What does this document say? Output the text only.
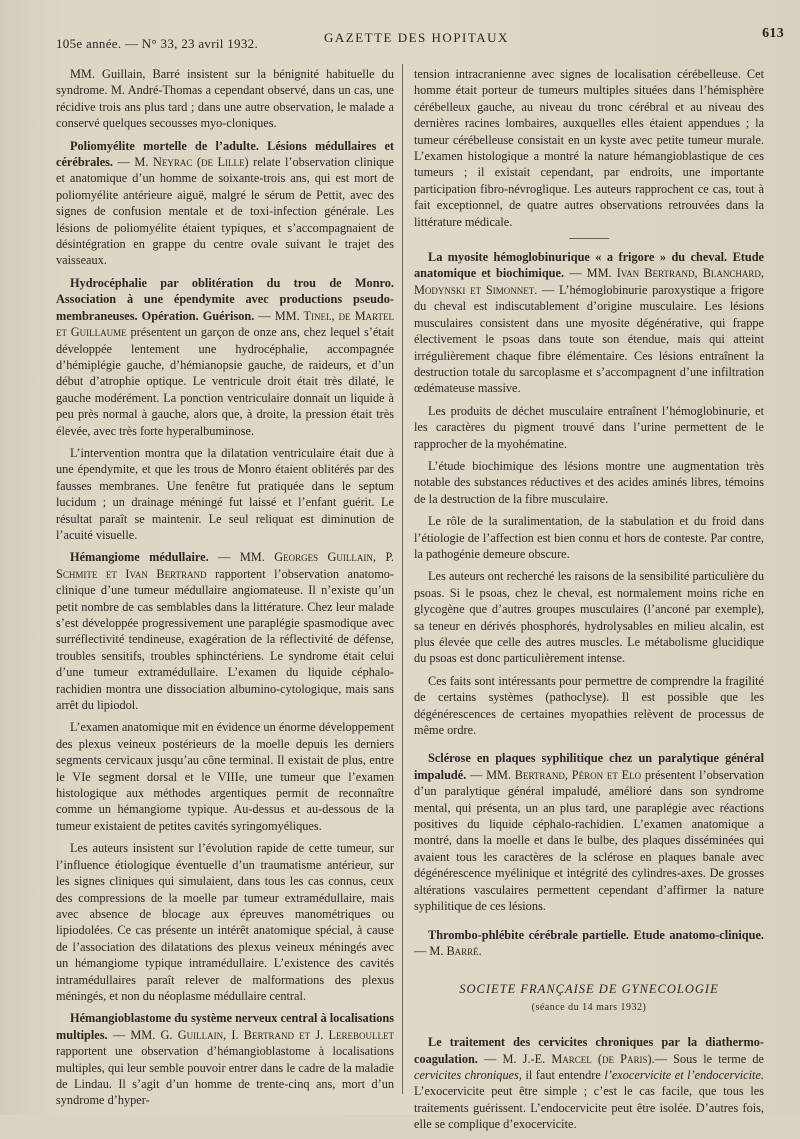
105e année. — N° 33, 23 avril 1932.	GAZETTE DES HOPITAUX	613

MM. Guillain, Barré insistent sur la bénignité habituelle du syndrome. M. André-Thomas a cependant observé, dans un cas, une récidive trois ans plus tard ; dans une autre observation, le malade a conservé quelques secousses myo-cloniques.

Poliomyélite mortelle de l’adulte. Lésions médullaires et cérébrales. — M. Neyrac (de Lille) relate l’observation clinique et anatomique d’un homme de soixante-trois ans, qui est mort de poliomyélite antérieure aiguë, malgré le sérum de Pettit, avec des signes de confusion mentale et de toxi-infection générale. Les lésions de poliomyélite étaient typiques, et s’accompagnaient de désintégration en grappe du centre ovale suivant le trajet des vaisseaux.

Hydrocéphalie par oblitération du trou de Monro. Association à une épendymite avec productions pseudo-membraneuses. Opération. Guérison. — MM. Tinel, de Martel et Guillaume présentent un garçon de onze ans, chez lequel s’était développée lentement une hydrocéphalie, accompagnée d’hémiplégie gauche, d’hémianopsie gauche, de raideurs, et d’un début d’atrophie optique. Le ventricule droit était très dilaté, le gauche modérément. La ponction ventriculaire donnait un liquide à peu près normal à gauche, alors que, à droite, la pression était très élevée, avec très forte hyperalbuminose.

L’intervention montra que la dilatation ventriculaire était due à une épendymite, et que les trous de Monro étaient oblitérés par des fausses membranes. Une fenêtre fut pratiquée dans le septum lucidum ; un drainage méningé fut laissé et l’enfant guérit. Le résultat paraît se maintenir. Le seul reliquat est diminution de l’acuité visuelle.

Hémangiome médullaire. — MM. Georges Guillain, P. Schmite et Ivan Bertrand rapportent l’observation anatomo-clinique d’une tumeur médullaire angiomateuse. Il n’existe qu’un petit nombre de cas semblables dans la littérature. Chez leur malade s’est développée progressivement une paraplégie spasmodique avec surréflectivité tendineuse, exagération de la réflectivité de défense, troubles sensitifs, troubles sphinctériens. Le syndrome était celui d’une tumeur extramédullaire. L’examen du liquide céphalo-rachidien montra une dissociation albumino-cytologique, mais sans arrêt du lipiodol.

L’examen anatomique mit en évidence un énorme développement des plexus veineux postérieurs de la moelle depuis les derniers segments cervicaux jusqu’au cône terminal. Il existait de plus, entre le VIe segment dorsal et le VIIIe, une tumeur que l’examen histologique aux méthodes argentiques permit de reconnaître comme un hémangiome typique. Au-dessus et au-dessous de la tumeur existaient de petites cavités syringomyéliques.

Les auteurs insistent sur l’évolution rapide de cette tumeur, sur l’influence étiologique éventuelle d’un traumatisme antérieur, sur les signes cliniques qui simulaient, dans tous les cas connus, ceux des compressions de la moelle par tumeur extramédullaire, mais avec absence de blocage aux épreuves manométriques ou lipiodolées. Ce cas présente un intérêt anatomique spécial, à cause de l’association des dilatations des plexus veineux méningés avec un hémangiome typique intramédullaire. L’existence des cavités intramédullaires paraît relever de malformations des plexus méningés, et non du néoplasme médullaire central.

Hémangioblastome du système nerveux central à localisations multiples. — MM. G. Guillain, I. Bertrand et J. Lereboullet rapportent une observation d’hémangioblastome à localisations multiples, qui leur semble pouvoir entrer dans le cadre de la maladie de Lindau. Il s’agit d’un homme de trente-cinq ans, mort d’un syndrome d’hyper-

tension intracranienne avec signes de localisation cérébelleuse. Cet homme était porteur de tumeurs multiples situées dans l’hémisphère cérébelleux gauche, au niveau du tronc cérébral et au niveau des dernières racines lombaires, auxquelles elles étaient appendues ; la tumeur cérébelleuse consistait en un kyste avec petite tumeur murale. L’examen histologique a montré la nature hémangioblastique de ces tumeurs ; il existait cependant, par endroits, une importante participation fibro-névroglique. Les auteurs rapprochent ce cas, tout à fait exceptionnel, de quatre autres observations retrouvées dans la littérature médicale.

La myosite hémoglobinurique « a frigore » du cheval. Etude anatomique et biochimique. — MM. Ivan Bertrand, Blanchard, Modynski et Simonnet. — L’hémoglobinurie paroxystique a frigore du cheval est indiscutablement d’origine musculaire. Les lésions musculaires consistent dans une myosite dégénérative, qui frappe électivement le psoas dans toute son étendue, mais qui atteint irrégulièrement chaque fibre élémentaire. Ces lésions entraînent la destruction totale du sarcoplasme et s’accompagnent d’une infiltration œdémateuse massive.

Les produits de déchet musculaire entraînent l’hémoglobinurie, et les caractères du pigment trouvé dans l’urine permettent de le rapprocher de la myohématine.

L’étude biochimique des lésions montre une augmentation très notable des substances réductives et des acides aminés libres, témoins de la destruction de la fibre musculaire.

Le rôle de la suralimentation, de la stabulation et du froid dans l’étiologie de l’affection est bien connu et hors de conteste. Par contre, la pathogénie demeure obscure.

Les auteurs ont recherché les raisons de la sensibilité particulière du psoas. Si le psoas, chez le cheval, est normalement moins riche en glycogène que d’autres groupes musculaires (l’anconé par exemple), sa teneur en dérivés phosphorés, hydrolysables en milieu alcalin, est plus élevée que celle des autres muscles. Le métabolisme glucidique du psoas est donc particulièrement intense.

Ces faits sont intéressants pour permettre de comprendre la fragilité de certains systèmes (pathoclyse). Il est possible que les dégénérescences de certaines myopathies relèvent de processus de même ordre.

Sclérose en plaques syphilitique chez un paralytique général impaludé. — MM. Bertrand, Péron et Elo présentent l’observation d’un paralytique général impaludé, amélioré dans son syndrome mental, qui présenta, un an plus tard, une paraplégie avec réactions positives du liquide céphalo-rachidien. L’examen anatomique a montré, dans la moelle et dans le bulbe, des plaques disséminées qui avaient tous les caractères de la sclérose en plaques banale avec dégénérescence myélinique et intégrité des cylindres-axes. De grosses altérations vasculaires permettent cependant d’affirmer la nature syphilitique de ces lésions.

Thrombo-phlébite cérébrale partielle. Etude anatomo-clinique. — M. Barré.

SOCIETE FRANÇAISE DE GYNECOLOGIE
(séance du 14 mars 1932)

Le traitement des cervicites chroniques par la diathermo-coagulation. — M. J.-E. Marcel (de Paris).— Sous le terme de cervicites chroniques, il faut entendre l’exocervicite et l’endocervicite. L’exocervicite peut être simple ; c’est le cas facile, que tous les traitements guérissent. L’endocervicite peut être isolée. D’autres fois, elle se complique d’exocervicite.
